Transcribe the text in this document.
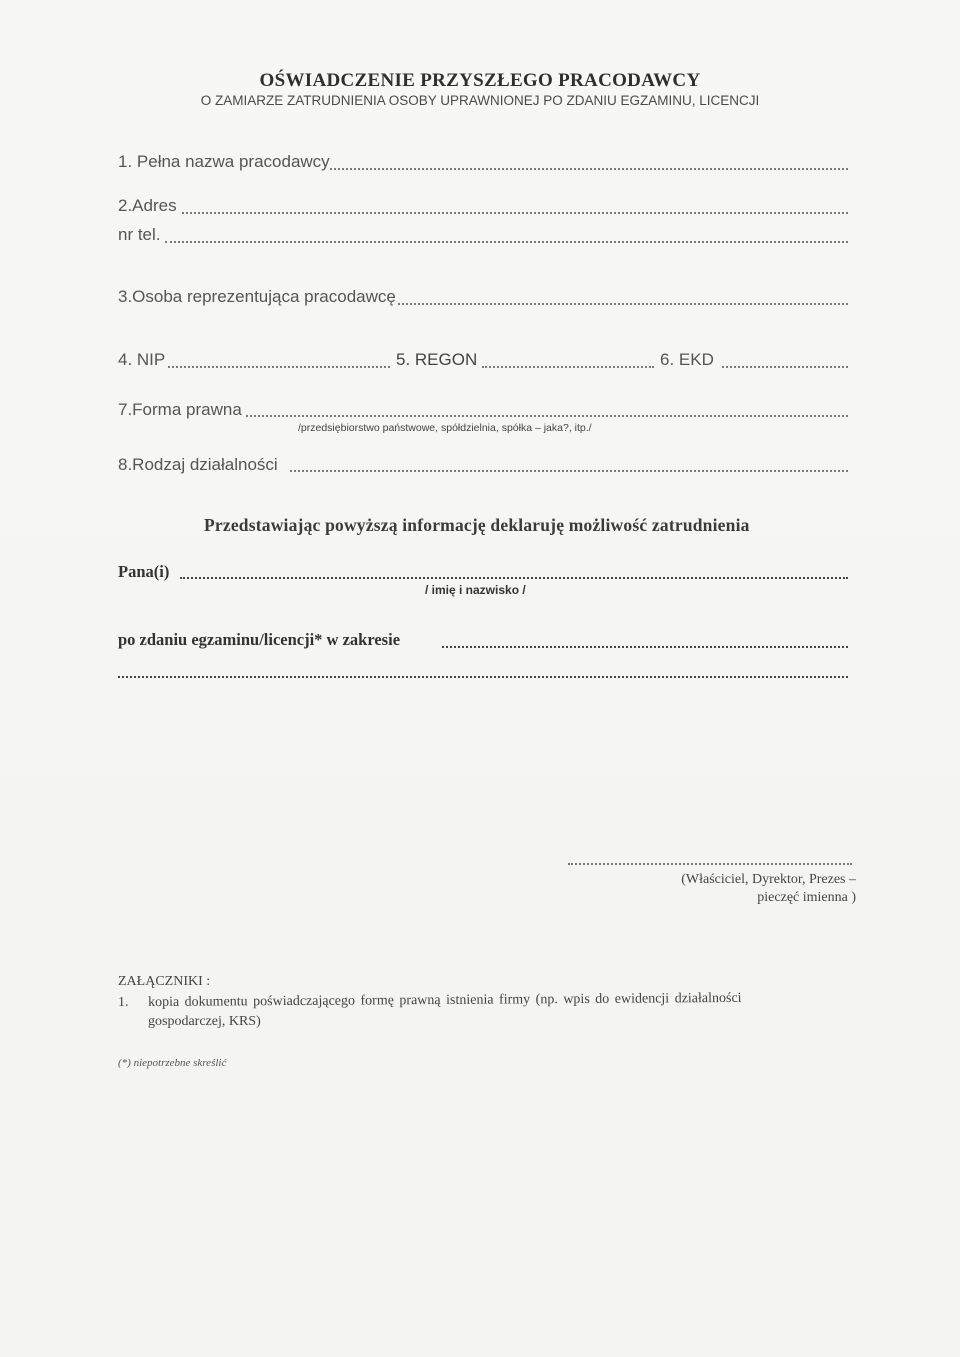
OŚWIADCZENIE PRZYSZŁEGO PRACODAWCY
O ZAMIARZE ZATRUDNIENIA OSOBY UPRAWNIONEJ PO ZDANIU EGZAMINU, LICENCJI
1. Pełna nazwa pracodawcy
2.Adres
nr tel.
3.Osoba reprezentująca pracodawcę
4. NIP	5. REGON	6. EKD
7.Forma prawna
/przedsiębiorstwo państwowe, spółdzielnia, spółka – jaka?, itp./
8.Rodzaj działalności
Przedstawiając powyższą informację deklaruję możliwość zatrudnienia
Pana(i)
/ imię i nazwisko /
po zdaniu egzaminu/licencji* w zakresie
(Właściciel, Dyrektor, Prezes –
pieczęć imienna )
ZAŁĄCZNIKI :
1. kopia dokumentu poświadczającego formę prawną istnienia firmy (np. wpis do ewidencji działalności
gospodarczej, KRS)
(*) niepotrzebne skreślić
